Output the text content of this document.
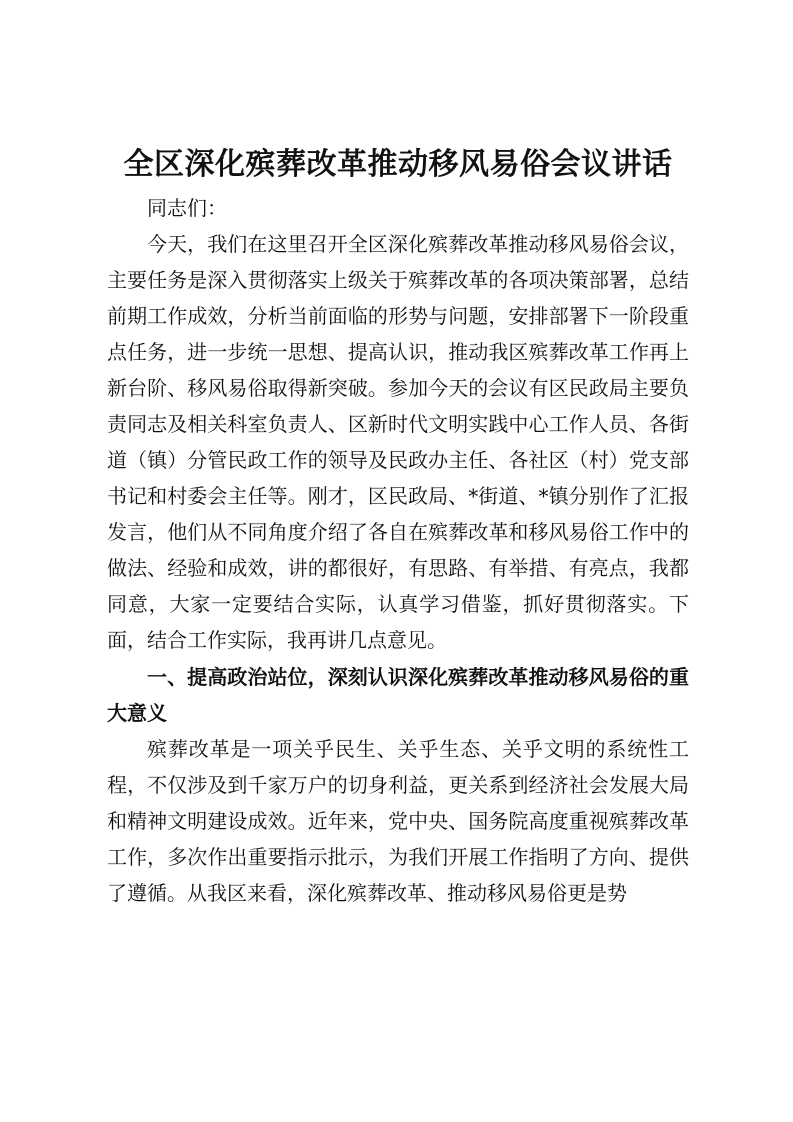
全区深化殡葬改革推动移风易俗会议讲话

同志们：

今天，我们在这里召开全区深化殡葬改革推动移风易俗会议，主要任务是深入贯彻落实上级关于殡葬改革的各项决策部署，总结前期工作成效，分析当前面临的形势与问题，安排部署下一阶段重点任务，进一步统一思想、提高认识，推动我区殡葬改革工作再上新台阶、移风易俗取得新突破。参加今天的会议有区民政局主要负责同志及相关科室负责人、区新时代文明实践中心工作人员、各街道（镇）分管民政工作的领导及民政办主任、各社区（村）党支部书记和村委会主任等。刚才，区民政局、*街道、*镇分别作了汇报发言，他们从不同角度介绍了各自在殡葬改革和移风易俗工作中的做法、经验和成效，讲的都很好，有思路、有举措、有亮点，我都同意，大家一定要结合实际，认真学习借鉴，抓好贯彻落实。下面，结合工作实际，我再讲几点意见。

一、提高政治站位，深刻认识深化殡葬改革推动移风易俗的重大意义

殡葬改革是一项关乎民生、关乎生态、关乎文明的系统性工程，不仅涉及到千家万户的切身利益，更关系到经济社会发展大局和精神文明建设成效。近年来，党中央、国务院高度重视殡葬改革工作，多次作出重要指示批示，为我们开展工作指明了方向、提供了遵循。从我区来看，深化殡葬改革、推动移风易俗更是势
